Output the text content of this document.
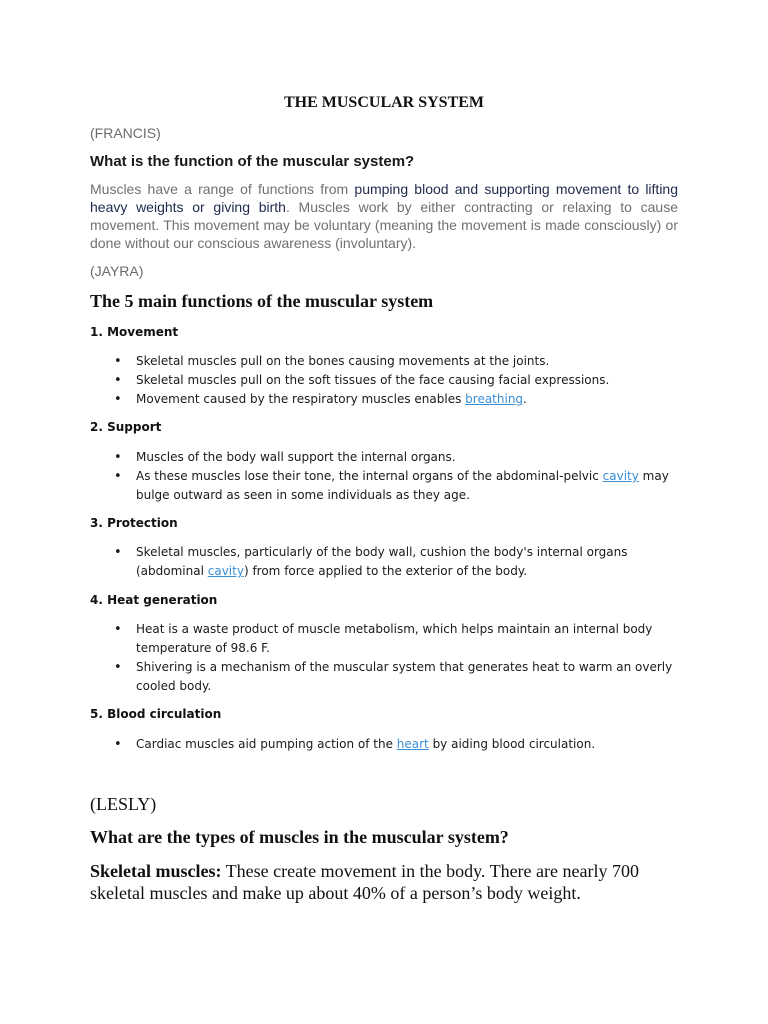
THE MUSCULAR SYSTEM
(FRANCIS)
What is the function of the muscular system?
Muscles have a range of functions from pumping blood and supporting movement to lifting heavy weights or giving birth. Muscles work by either contracting or relaxing to cause movement. This movement may be voluntary (meaning the movement is made consciously) or done without our conscious awareness (involuntary).
(JAYRA)
The 5 main functions of the muscular system
1. Movement
• Skeletal muscles pull on the bones causing movements at the joints.
• Skeletal muscles pull on the soft tissues of the face causing facial expressions.
• Movement caused by the respiratory muscles enables breathing.
2. Support
• Muscles of the body wall support the internal organs.
• As these muscles lose their tone, the internal organs of the abdominal-pelvic cavity may bulge outward as seen in some individuals as they age.
3. Protection
• Skeletal muscles, particularly of the body wall, cushion the body's internal organs (abdominal cavity) from force applied to the exterior of the body.
4. Heat generation
• Heat is a waste product of muscle metabolism, which helps maintain an internal body temperature of 98.6 F.
• Shivering is a mechanism of the muscular system that generates heat to warm an overly cooled body.
5. Blood circulation
• Cardiac muscles aid pumping action of the heart by aiding blood circulation.
(LESLY)
What are the types of muscles in the muscular system?
Skeletal muscles: These create movement in the body. There are nearly 700 skeletal muscles and make up about 40% of a person’s body weight.
